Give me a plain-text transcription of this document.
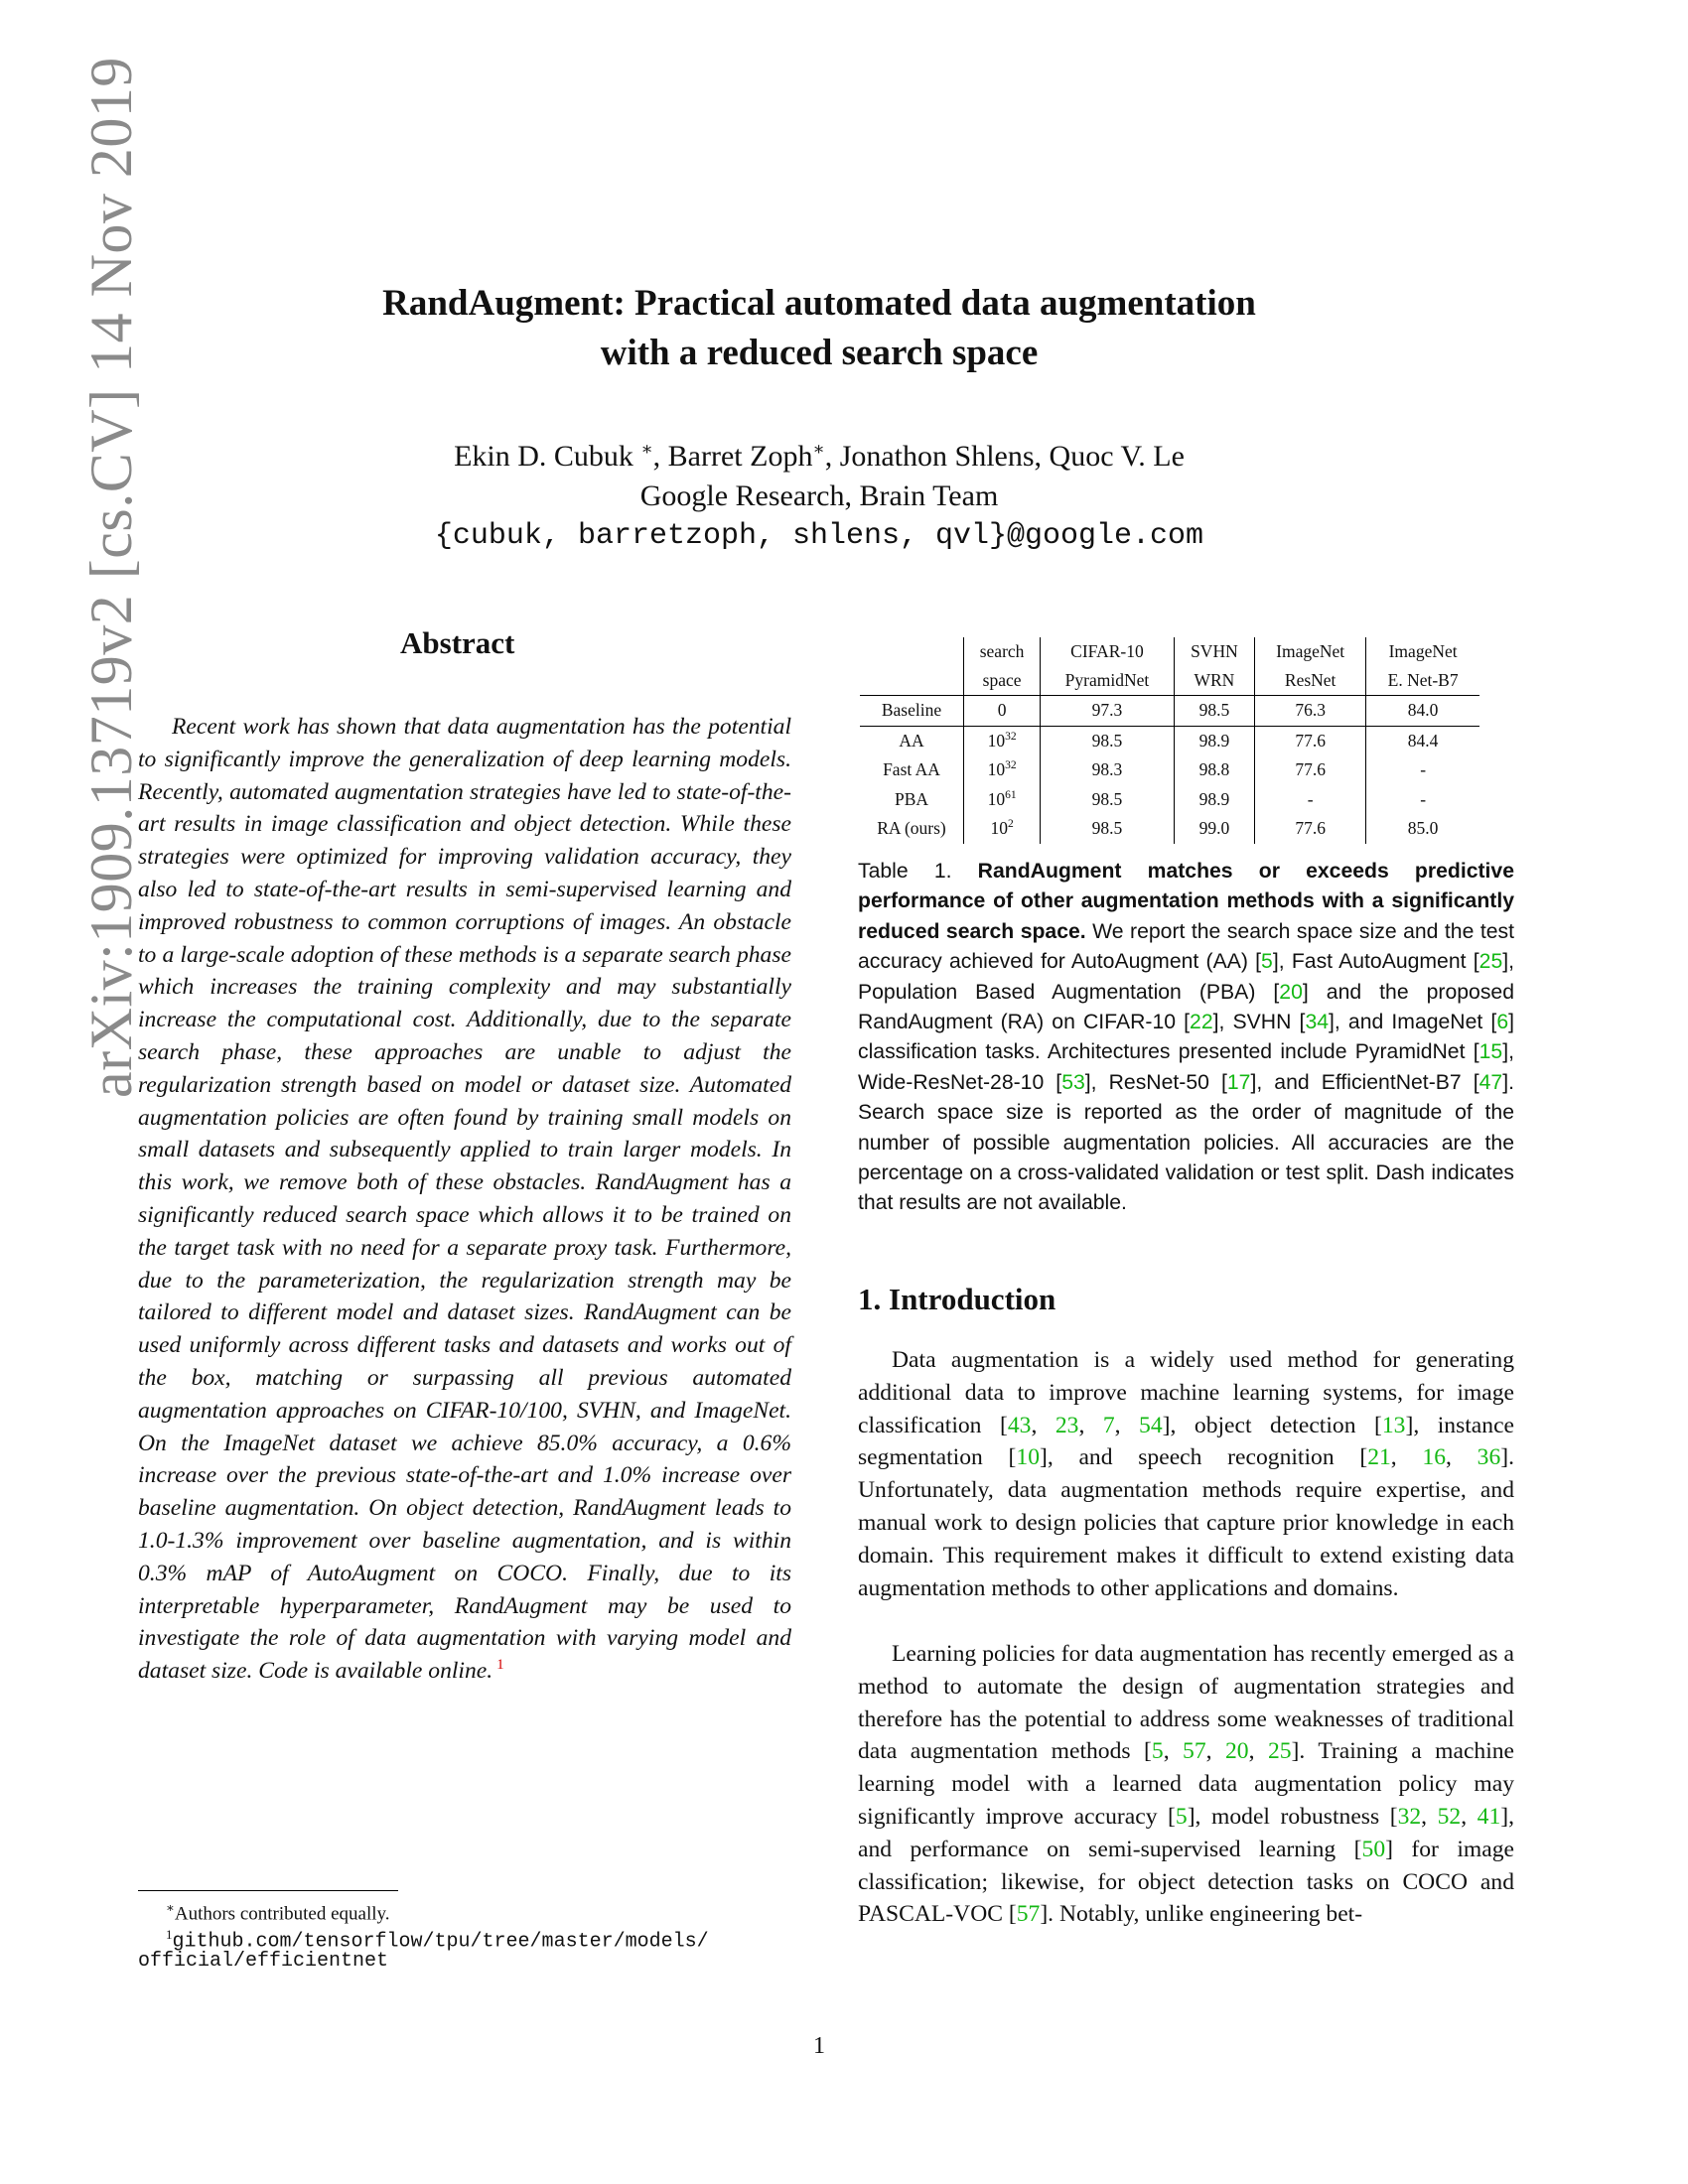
arXiv:1909.13719v2 [cs.CV] 14 Nov 2019	RandAugment: Practical automated data augmentation
with a reduced search space
Ekin D. Cubuk ∗, Barret Zoph∗, Jonathon Shlens, Quoc V. Le
Google Research, Brain Team
{cubuk, barretzoph, shlens, qvl}@google.com
Abstract
Recent work has shown that data augmentation has the potential to significantly improve the generalization of deep learning models. Recently, automated augmentation strategies have led to state-of-the-art results in image classification and object detection. While these strategies were optimized for improving validation accuracy, they also led to state-of-the-art results in semi-supervised learning and improved robustness to common corruptions of images. An obstacle to a large-scale adoption of these methods is a separate search phase which increases the training complexity and may substantially increase the computational cost. Additionally, due to the separate search phase, these approaches are unable to adjust the regularization strength based on model or dataset size. Automated augmentation policies are often found by training small models on small datasets and subsequently applied to train larger models. In this work, we remove both of these obstacles. RandAugment has a significantly reduced search space which allows it to be trained on the target task with no need for a separate proxy task. Furthermore, due to the parameterization, the regularization strength may be tailored to different model and dataset sizes. RandAugment can be used uniformly across different tasks and datasets and works out of the box, matching or surpassing all previous automated augmentation approaches on CIFAR-10/100, SVHN, and ImageNet. On the ImageNet dataset we achieve 85.0% accuracy, a 0.6% increase over the previous state-of-the-art and 1.0% increase over baseline augmentation. On object detection, RandAugment leads to 1.0-1.3% improvement over baseline augmentation, and is within 0.3% mAP of AutoAugment on COCO. Finally, due to its interpretable hyperparameter, RandAugment may be used to investigate the role of data augmentation with varying model and dataset size. Code is available online. $^1$
∗Authors contributed equally.
$^1$github.com/tensorflow/tpu/tree/master/models/
official/efficientnet
	search	CIFAR-10	SVHN	ImageNet	ImageNet
	space	PyramidNet	WRN	ResNet	E. Net-B7
Baseline	0	97.3	98.5	76.3	84.0
AA	$10^{32}$	98.5	98.9	77.6	84.4
Fast AA	$10^{32}$	98.3	98.8	77.6	-
PBA	$10^{61}$	98.5	98.9	-	-
RA (ours)	$10^2$	98.5	99.0	77.6	85.0
Table 1. RandAugment matches or exceeds predictive performance of other augmentation methods with a significantly reduced search space. We report the search space size and the test accuracy achieved for AutoAugment (AA) [5], Fast AutoAugment [25], Population Based Augmentation (PBA) [20] and the proposed RandAugment (RA) on CIFAR-10 [22], SVHN [34], and ImageNet [6] classification tasks. Architectures presented include PyramidNet [15], Wide-ResNet-28-10 [53], ResNet-50 [17], and EfficientNet-B7 [47]. Search space size is reported as the order of magnitude of the number of possible augmentation policies. All accuracies are the percentage on a cross-validated validation or test split. Dash indicates that results are not available.
1. Introduction
Data augmentation is a widely used method for generating additional data to improve machine learning systems, for image classification [43, 23, 7, 54], object detection [13], instance segmentation [10], and speech recognition [21, 16, 36]. Unfortunately, data augmentation methods require expertise, and manual work to design policies that capture prior knowledge in each domain. This requirement makes it difficult to extend existing data augmentation methods to other applications and domains.
Learning policies for data augmentation has recently emerged as a method to automate the design of augmentation strategies and therefore has the potential to address some weaknesses of traditional data augmentation methods [5, 57, 20, 25]. Training a machine learning model with a learned data augmentation policy may significantly improve accuracy [5], model robustness [32, 52, 41], and performance on semi-supervised learning [50] for image classification; likewise, for object detection tasks on COCO and PASCAL-VOC [57]. Notably, unlike engineering bet-
1
